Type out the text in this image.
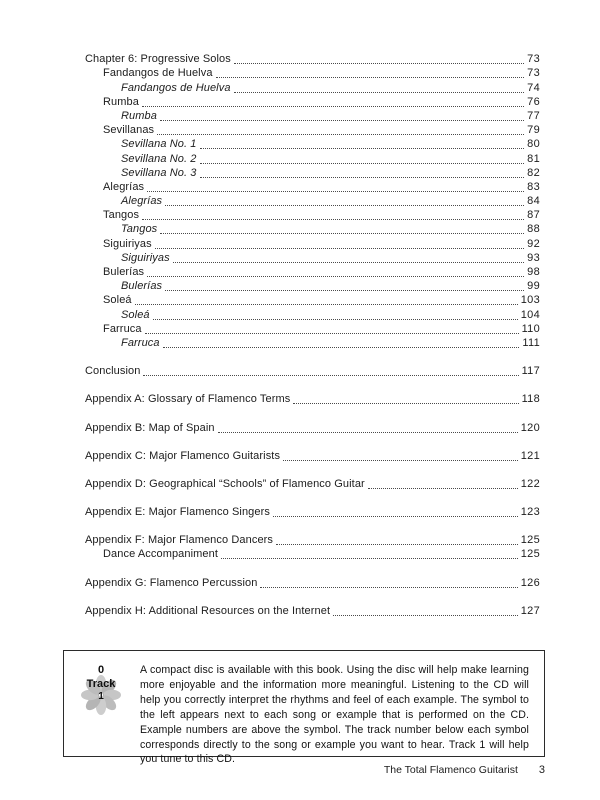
Chapter 6: Progressive Solos	73
Fandangos de Huelva	73
Fandangos de Huelva	74
Rumba	76
Rumba	77
Sevillanas	79
Sevillana No. 1	80
Sevillana No. 2	81
Sevillana No. 3	82
Alegrías	83
Alegrías	84
Tangos	87
Tangos	88
Siguiriyas	92
Siguiriyas	93
Bulerías	98
Bulerías	99
Soleá	103
Soleá	104
Farruca	110
Farruca	111
Conclusion	117
Appendix A: Glossary of Flamenco Terms	118
Appendix B: Map of Spain	120
Appendix C: Major Flamenco Guitarists	121
Appendix D: Geographical “Schools” of Flamenco Guitar	122
Appendix E: Major Flamenco Singers	123
Appendix F: Major Flamenco Dancers	125
Dance Accompaniment	125
Appendix G: Flamenco Percussion	126
Appendix H: Additional Resources on the Internet	127
0
Track
1
A compact disc is available with this book. Using the disc will help make learning more enjoyable and the information more meaningful. Listening to the CD will help you correctly interpret the rhythms and feel of each example. The symbol to the left appears next to each song or example that is performed on the CD. Example numbers are above the symbol. The track number below each symbol corresponds directly to the song or example you want to hear. Track 1 will help you tune to this CD.
The Total Flamenco Guitarist 3
